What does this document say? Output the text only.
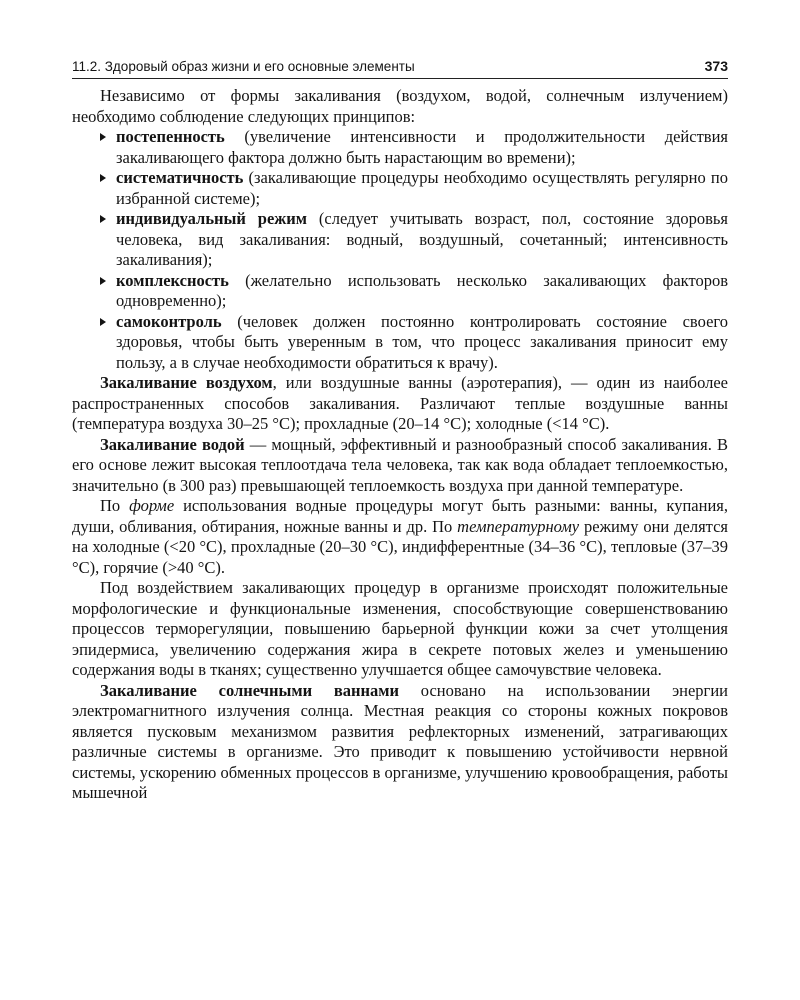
11.2. Здоровый образ жизни и его основные элементы	373

Независимо от формы закаливания (воздухом, водой, солнечным излучением) необходимо соблюдение следующих принципов:

постепенность (увеличение интенсивности и продолжительности действия закаливающего фактора должно быть нарастающим во времени);
систематичность (закаливающие процедуры необходимо осуществлять регулярно по избранной системе);
индивидуальный режим (следует учитывать возраст, пол, состояние здоровья человека, вид закаливания: водный, воздушный, сочетанный; интенсивность закаливания);
комплексность (желательно использовать несколько закаливающих факторов одновременно);
самоконтроль (человек должен постоянно контролировать состояние своего здоровья, чтобы быть уверенным в том, что процесс закаливания приносит ему пользу, а в случае необходимости обратиться к врачу).

Закаливание воздухом, или воздушные ванны (аэротерапия), — один из наиболее распространенных способов закаливания. Различают теплые воздушные ванны (температура воздуха 30–25 °С); прохладные (20–14 °С); холодные (<14 °С).

Закаливание водой — мощный, эффективный и разнообразный способ закаливания. В его основе лежит высокая теплоотдача тела человека, так как вода обладает теплоемкостью, значительно (в 300 раз) превышающей теплоемкость воздуха при данной температуре.

По форме использования водные процедуры могут быть разными: ванны, купания, души, обливания, обтирания, ножные ванны и др. По температурному режиму они делятся на холодные (<20 °С), прохладные (20–30 °С), индифферентные (34–36 °С), тепловые (37–39 °С), горячие (>40 °С).

Под воздействием закаливающих процедур в организме происходят положительные морфологические и функциональные изменения, способствующие совершенствованию процессов терморегуляции, повышению барьерной функции кожи за счет утолщения эпидермиса, увеличению содержания жира в секрете потовых желез и уменьшению содержания воды в тканях; существенно улучшается общее самочувствие человека.

Закаливание солнечными ваннами основано на использовании энергии электромагнитного излучения солнца. Местная реакция со стороны кожных покровов является пусковым механизмом развития рефлекторных изменений, затрагивающих различные системы в организме. Это приводит к повышению устойчивости нервной системы, ускорению обменных процессов в организме, улучшению кровообращения, работы мышечной
